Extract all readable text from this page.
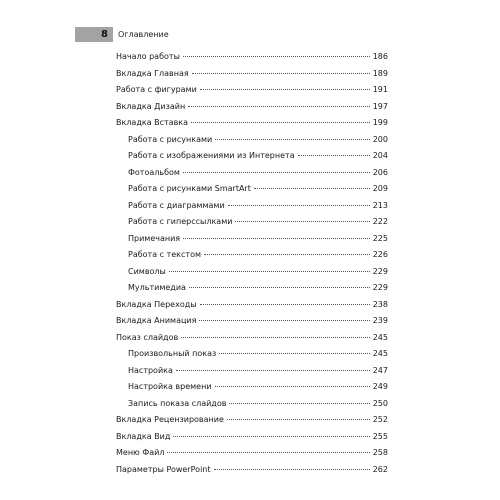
8	Оглавление
Начало работы	186
Вкладка Главная	189
Работа с фигурами	191
Вкладка Дизайн	197
Вкладка Вставка	199
Работа с рисунками	200
Работа с изображениями из Интернета	204
Фотоальбом	206
Работа с рисунками SmartArt	209
Работа с диаграммами	213
Работа с гиперссылками	222
Примечания	225
Работа с текстом	226
Символы	229
Мультимедиа	229
Вкладка Переходы	238
Вкладка Анимация	239
Показ слайдов	245
Произвольный показ	245
Настройка	247
Настройка времени	249
Запись показа слайдов	250
Вкладка Рецензирование	252
Вкладка Вид	255
Меню Файл	258
Параметры PowerPoint	262
